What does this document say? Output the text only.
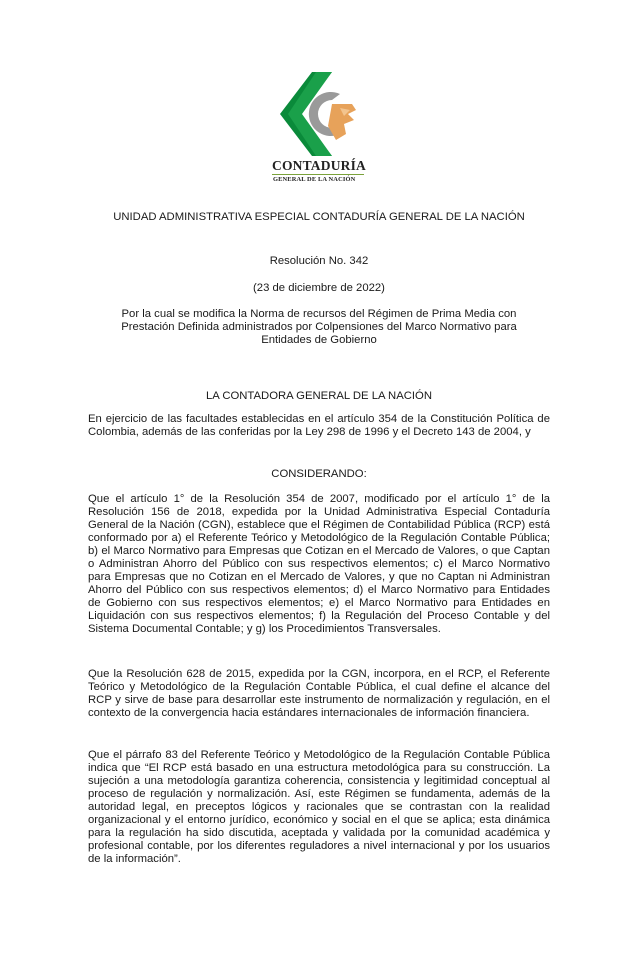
CONTADURÍA
GENERAL DE LA NACIÓN
UNIDAD ADMINISTRATIVA ESPECIAL CONTADURÍA GENERAL DE LA NACIÓN
Resolución No. 342
(23 de diciembre de 2022)
Por la cual se modifica la Norma de recursos del Régimen de Prima Media con Prestación Definida administrados por Colpensiones del Marco Normativo para Entidades de Gobierno
LA CONTADORA GENERAL DE LA NACIÓN

En ejercicio de las facultades establecidas en el artículo 354 de la Constitución Política de Colombia, además de las conferidas por la Ley 298 de 1996 y el Decreto 143 de 2004, y

CONSIDERANDO:

Que el artículo 1° de la Resolución 354 de 2007, modificado por el artículo 1° de la Resolución 156 de 2018, expedida por la Unidad Administrativa Especial Contaduría General de la Nación (CGN), establece que el Régimen de Contabilidad Pública (RCP) está conformado por a) el Referente Teórico y Metodológico de la Regulación Contable Pública; b) el Marco Normativo para Empresas que Cotizan en el Mercado de Valores, o que Captan o Administran Ahorro del Público con sus respectivos elementos; c) el Marco Normativo para Empresas que no Cotizan en el Mercado de Valores, y que no Captan ni Administran Ahorro del Público con sus respectivos elementos; d) el Marco Normativo para Entidades de Gobierno con sus respectivos elementos; e) el Marco Normativo para Entidades en Liquidación con sus respectivos elementos; f) la Regulación del Proceso Contable y del Sistema Documental Contable; y g) los Procedimientos Transversales.

Que la Resolución 628 de 2015, expedida por la CGN, incorpora, en el RCP, el Referente Teórico y Metodológico de la Regulación Contable Pública, el cual define el alcance del RCP y sirve de base para desarrollar este instrumento de normalización y regulación, en el contexto de la convergencia hacia estándares internacionales de información financiera.

Que el párrafo 83 del Referente Teórico y Metodológico de la Regulación Contable Pública indica que “El RCP está basado en una estructura metodológica para su construcción. La sujeción a una metodología garantiza coherencia, consistencia y legitimidad conceptual al proceso de regulación y normalización. Así, este Régimen se fundamenta, además de la autoridad legal, en preceptos lógicos y racionales que se contrastan con la realidad organizacional y el entorno jurídico, económico y social en el que se aplica; esta dinámica para la regulación ha sido discutida, aceptada y validada por la comunidad académica y profesional contable, por los diferentes reguladores a nivel internacional y por los usuarios de la información”.
